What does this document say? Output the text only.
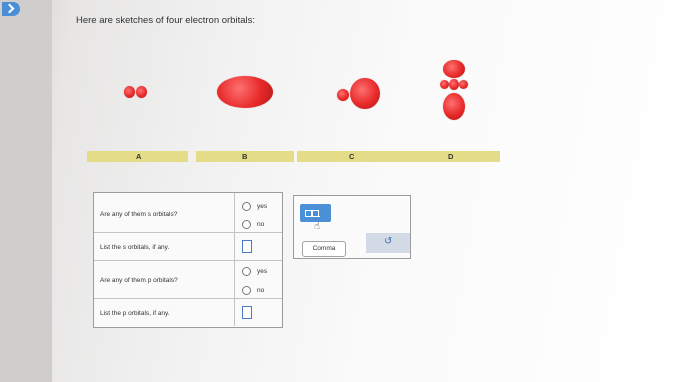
Here are sketches of four electron orbitals:
A	B	C	D
Are any of them s orbitals?
yes
no
List the s orbitals, if any.
Are any of them p orbitals?
yes
no
List the p orbitals, if any.
☝
Comma
↺
